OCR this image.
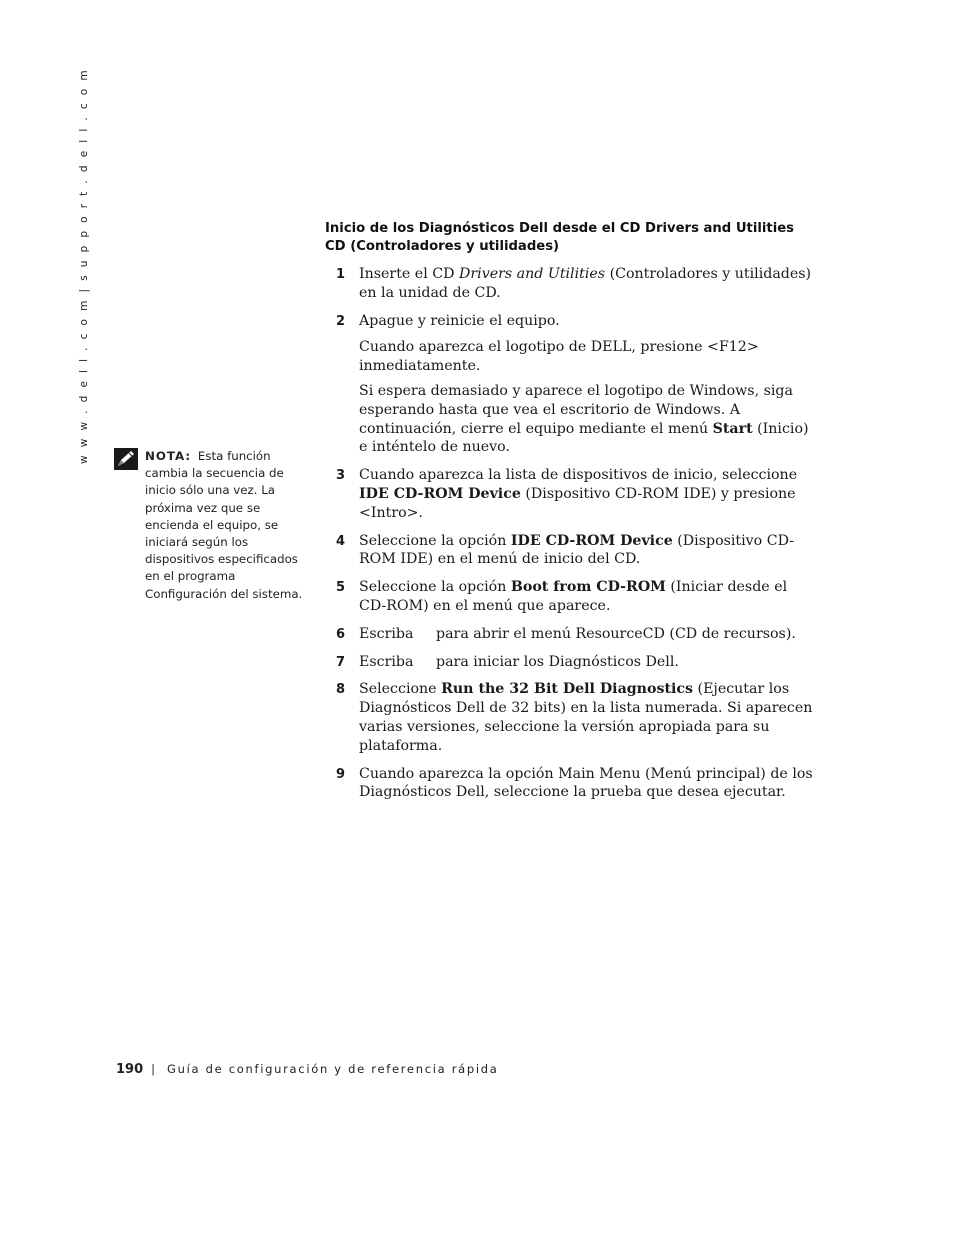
w w w . d e l l . c o m | s u p p o r t . d e l l . c o m	NOTA: Esta función cambia la secuencia de inicio sólo una vez. La próxima vez que se encienda el equipo, se iniciará según los dispositivos especificados en el programa Configuración del sistema.
Inicio de los Diagnósticos Dell desde el CD Drivers and Utilities CD (Controladores y utilidades)
1 Inserte el CD Drivers and Utilities (Controladores y utilidades) en la unidad de CD.

2 Apague y reinicie el equipo.

Cuando aparezca el logotipo de DELL, presione <F12> inmediatamente.

Si espera demasiado y aparece el logotipo de Windows, siga esperando hasta que vea el escritorio de Windows. A continuación, cierre el equipo mediante el menú Start (Inicio) e inténtelo de nuevo.

3 Cuando aparezca la lista de dispositivos de inicio, seleccione IDE CD-ROM Device (Dispositivo CD-ROM IDE) y presione <Intro>.

4 Seleccione la opción IDE CD-ROM Device (Dispositivo CD-ROM IDE) en el menú de inicio del CD.

5 Seleccione la opción Boot from CD-ROM (Iniciar desde el CD-ROM) en el menú que aparece.

6 Escriba     para abrir el menú ResourceCD (CD de recursos).

7 Escriba     para iniciar los Diagnósticos Dell.

8 Seleccione Run the 32 Bit Dell Diagnostics (Ejecutar los Diagnósticos Dell de 32 bits) en la lista numerada. Si aparecen varias versiones, seleccione la versión apropiada para su plataforma.

9 Cuando aparezca la opción Main Menu (Menú principal) de los Diagnósticos Dell, seleccione la prueba que desea ejecutar.

190 | Guía de configuración y de referencia rápida
